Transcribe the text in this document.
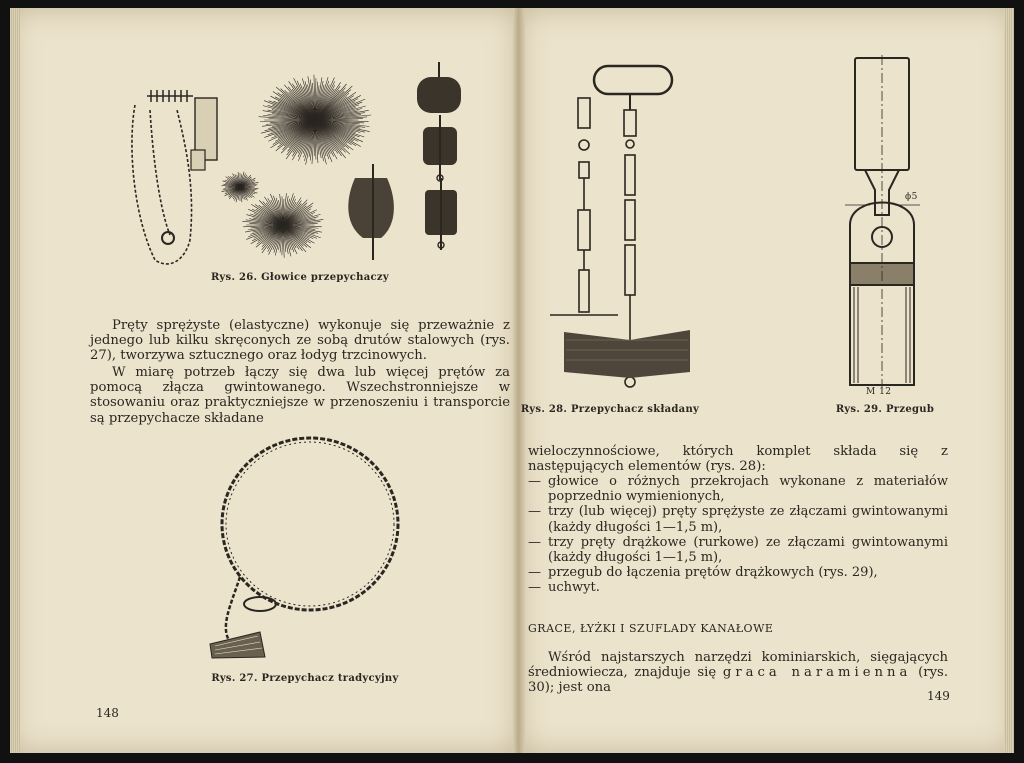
Rys. 26. Głowice przepychaczy

Pręty sprężyste (elastyczne) wykonuje się przeważnie z jednego lub kilku skręconych ze sobą drutów stalowych (rys. 27), tworzywa sztucznego oraz łodyg trzcinowych.

W miarę potrzeb łączy się dwa lub więcej prętów za pomocą złącza gwintowanego. Wszechstronniejsze w stosowaniu oraz praktyczniejsze w przenoszeniu i transporcie są przepychacze składane

Rys. 27. Przepychacz tradycyjny

148

Rys. 28. Przepychacz składany

ϕ5
M 12

Rys. 29. Przegub

wieloczynnościowe, których komplet składa się z następujących elementów (rys. 28):

— głowice o różnych przekrojach wykonane z materiałów poprzednio wymienionych,
— trzy (lub więcej) pręty sprężyste ze złączami gwintowanymi (każdy długości 1—1,5 m),
— trzy pręty drążkowe (rurkowe) ze złączami gwintowanymi (każdy długości 1—1,5 m),
— przegub do łączenia prętów drążkowych (rys. 29),
— uchwyt.
GRACE, ŁYŻKI I SZUFLADY KANAŁOWE

Wśród najstarszych narzędzi kominiarskich, sięgających średniowiecza, znajduje się graca naramienna (rys. 30); jest ona

149
